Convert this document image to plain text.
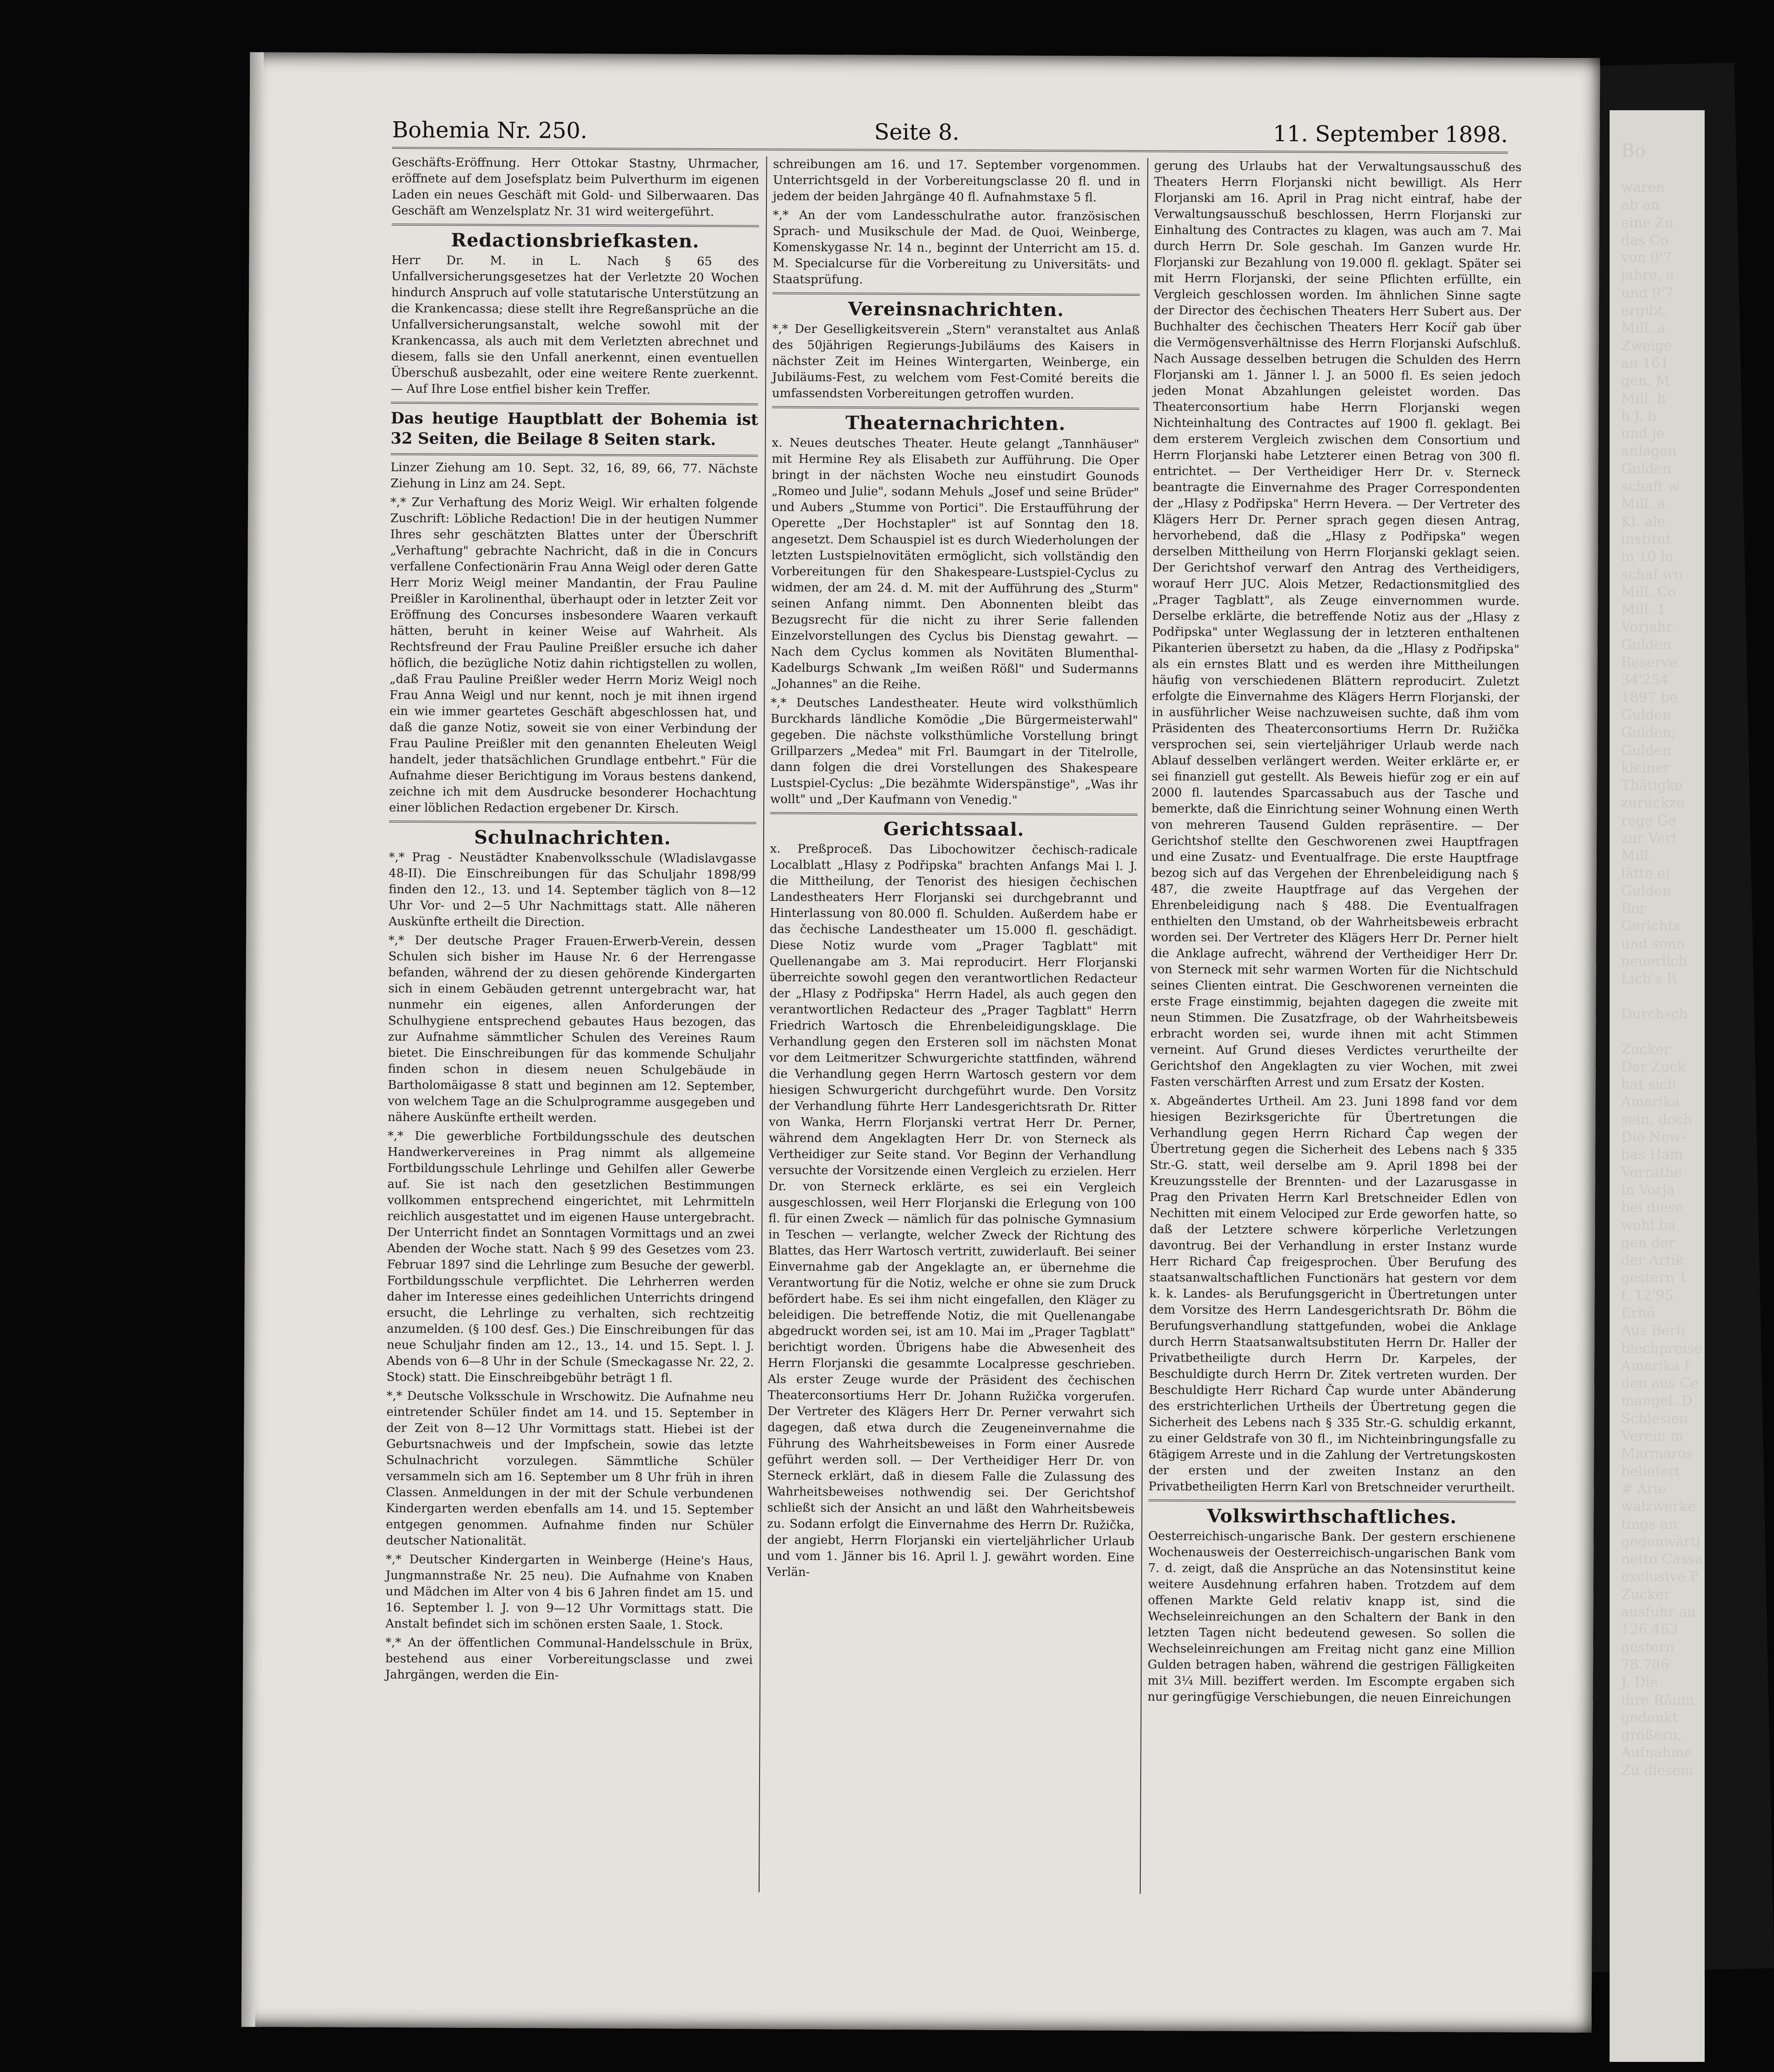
Bohemia Nr. 250.	Seite 8.	11. September 1898.

Geschäfts-Eröffnung. Herr Ottokar Stastny, Uhrmacher, eröffnete auf dem Josefsplatz beim Pulverthurm im eigenen Laden ein neues Geschäft mit Gold- und Silberwaaren. Das Geschäft am Wenzelsplatz Nr. 31 wird weitergeführt.

Redactionsbriefkasten.

Herr Dr. M. in L. Nach § 65 des Unfallversicherungsgesetzes hat der Verletzte 20 Wochen hindurch Anspruch auf volle statutarische Unterstützung an die Krankencassa; diese stellt ihre Regreßansprüche an die Unfallversicherungsanstalt, welche sowohl mit der Krankencassa, als auch mit dem Verletzten abrechnet und diesem, falls sie den Unfall anerkennt, einen eventuellen Überschuß ausbezahlt, oder eine weitere Rente zuerkennt. — Auf Ihre Lose entfiel bisher kein Treffer.

Das heutige Hauptblatt der Bohemia ist 32 Seiten, die Beilage 8 Seiten stark.

Linzer Ziehung am 10. Sept. 32, 16, 89, 66, 77. Nächste Ziehung in Linz am 24. Sept.

*,* Zur Verhaftung des Moriz Weigl. Wir erhalten folgende Zuschrift: Löbliche Redaction! Die in der heutigen Nummer Ihres sehr geschätzten Blattes unter der Überschrift „Verhaftung" gebrachte Nachricht, daß in die in Concurs verfallene Confectionärin Frau Anna Weigl oder deren Gatte Herr Moriz Weigl meiner Mandantin, der Frau Pauline Preißler in Karolinenthal, überhaupt oder in letzter Zeit vor Eröffnung des Concurses insbesondere Waaren verkauft hätten, beruht in keiner Weise auf Wahrheit. Als Rechtsfreund der Frau Pauline Preißler ersuche ich daher höflich, die bezügliche Notiz dahin richtigstellen zu wollen, „daß Frau Pauline Preißler weder Herrn Moriz Weigl noch Frau Anna Weigl und nur kennt, noch je mit ihnen irgend ein wie immer geartetes Geschäft abgeschlossen hat, und daß die ganze Notiz, soweit sie von einer Verbindung der Frau Pauline Preißler mit den genannten Eheleuten Weigl handelt, jeder thatsächlichen Grundlage entbehrt." Für die Aufnahme dieser Berichtigung im Voraus bestens dankend, zeichne ich mit dem Ausdrucke besonderer Hochachtung einer löblichen Redaction ergebener Dr. Kirsch.

Schulnachrichten.

*,* Prag - Neustädter Knabenvolksschule (Wladislavgasse 48-II). Die Einschreibungen für das Schuljahr 1898/99 finden den 12., 13. und 14. September täglich von 8—12 Uhr Vor- und 2—5 Uhr Nachmittags statt. Alle näheren Auskünfte ertheilt die Direction.

*,* Der deutsche Prager Frauen-Erwerb-Verein, dessen Schulen sich bisher im Hause Nr. 6 der Herrengasse befanden, während der zu diesen gehörende Kindergarten sich in einem Gebäuden getrennt untergebracht war, hat nunmehr ein eigenes, allen Anforderungen der Schulhygiene entsprechend gebautes Haus bezogen, das zur Aufnahme sämmtlicher Schulen des Vereines Raum bietet. Die Einschreibungen für das kommende Schuljahr finden schon in diesem neuen Schulgebäude in Bartholomäigasse 8 statt und beginnen am 12. September, von welchem Tage an die Schulprogramme ausgegeben und nähere Auskünfte ertheilt werden.

*,* Die gewerbliche Fortbildungsschule des deutschen Handwerkervereines in Prag nimmt als allgemeine Fortbildungsschule Lehrlinge und Gehilfen aller Gewerbe auf. Sie ist nach den gesetzlichen Bestimmungen vollkommen entsprechend eingerichtet, mit Lehrmitteln reichlich ausgestattet und im eigenen Hause untergebracht. Der Unterricht findet an Sonntagen Vormittags und an zwei Abenden der Woche statt. Nach § 99 des Gesetzes vom 23. Februar 1897 sind die Lehrlinge zum Besuche der gewerbl. Fortbildungsschule verpflichtet. Die Lehrherren werden daher im Interesse eines gedeihlichen Unterrichts dringend ersucht, die Lehrlinge zu verhalten, sich rechtzeitig anzumelden. (§ 100 desf. Ges.) Die Einschreibungen für das neue Schuljahr finden am 12., 13., 14. und 15. Sept. l. J. Abends von 6—8 Uhr in der Schule (Smeckagasse Nr. 22, 2. Stock) statt. Die Einschreibgebühr beträgt 1 fl.

*,* Deutsche Volksschule in Wrschowitz. Die Aufnahme neu eintretender Schüler findet am 14. und 15. September in der Zeit von 8—12 Uhr Vormittags statt. Hiebei ist der Geburtsnachweis und der Impfschein, sowie das letzte Schulnachricht vorzulegen. Sämmtliche Schüler versammeln sich am 16. September um 8 Uhr früh in ihren Classen. Anmeldungen in der mit der Schule verbundenen Kindergarten werden ebenfalls am 14. und 15. September entgegen genommen. Aufnahme finden nur Schüler deutscher Nationalität.

*,* Deutscher Kindergarten in Weinberge (Heine's Haus, Jungmannstraße Nr. 25 neu). Die Aufnahme von Knaben und Mädchen im Alter von 4 bis 6 Jahren findet am 15. und 16. September l. J. von 9—12 Uhr Vormittags statt. Die Anstalt befindet sich im schönen ersten Saale, 1. Stock.

*,* An der öffentlichen Communal-Handelsschule in Brüx, bestehend aus einer Vorbereitungsclasse und zwei Jahrgängen, werden die Ein-

schreibungen am 16. und 17. September vorgenommen. Unterrichtsgeld in der Vorbereitungsclasse 20 fl. und in jedem der beiden Jahrgänge 40 fl. Aufnahmstaxe 5 fl.

*,* An der vom Landesschulrathe autor. französischen Sprach- und Musikschule der Mad. de Quoi, Weinberge, Komenskygasse Nr. 14 n., beginnt der Unterricht am 15. d. M. Specialcurse für die Vorbereitung zu Universitäts- und Staatsprüfung.

Vereinsnachrichten.

*,* Der Geselligkeitsverein „Stern" veranstaltet aus Anlaß des 50jährigen Regierungs-Jubiläums des Kaisers in nächster Zeit im Heines Wintergarten, Weinberge, ein Jubiläums-Fest, zu welchem vom Fest-Comité bereits die umfassendsten Vorbereitungen getroffen wurden.

Theaternachrichten.

x. Neues deutsches Theater. Heute gelangt „Tannhäuser" mit Hermine Rey als Elisabeth zur Aufführung. Die Oper bringt in der nächsten Woche neu einstudirt Gounods „Romeo und Julie", sodann Mehuls „Josef und seine Brüder" und Aubers „Stumme von Portici". Die Erstaufführung der Operette „Der Hochstapler" ist auf Sonntag den 18. angesetzt. Dem Schauspiel ist es durch Wiederholungen der letzten Lustspielnovitäten ermöglicht, sich vollständig den Vorbereitungen für den Shakespeare-Lustspiel-Cyclus zu widmen, der am 24. d. M. mit der Aufführung des „Sturm" seinen Anfang nimmt. Den Abonnenten bleibt das Bezugsrecht für die nicht zu ihrer Serie fallenden Einzelvorstellungen des Cyclus bis Dienstag gewahrt. — Nach dem Cyclus kommen als Novitäten Blumenthal-Kadelburgs Schwank „Im weißen Rößl" und Sudermanns „Johannes" an die Reihe.

*,* Deutsches Landestheater. Heute wird volksthümlich Burckhards ländliche Komödie „Die Bürgermeisterwahl" gegeben. Die nächste volksthümliche Vorstellung bringt Grillparzers „Medea" mit Frl. Baumgart in der Titelrolle, dann folgen die drei Vorstellungen des Shakespeare Lustspiel-Cyclus: „Die bezähmte Widerspänstige", „Was ihr wollt" und „Der Kaufmann von Venedig."

Gerichtssaal.

x. Preßproceß. Das Libochowitzer čechisch-radicale Localblatt „Hlasy z Podřipska" brachten Anfangs Mai l. J. die Mittheilung, der Tenorist des hiesigen čechischen Landestheaters Herr Florjanski sei durchgebrannt und Hinterlassung von 80.000 fl. Schulden. Außerdem habe er das čechische Landestheater um 15.000 fl. geschädigt. Diese Notiz wurde vom „Prager Tagblatt" mit Quellenangabe am 3. Mai reproducirt. Herr Florjanski überreichte sowohl gegen den verantwortlichen Redacteur der „Hlasy z Podřipska" Herrn Hadel, als auch gegen den verantwortlichen Redacteur des „Prager Tagblatt" Herrn Friedrich Wartosch die Ehrenbeleidigungsklage. Die Verhandlung gegen den Ersteren soll im nächsten Monat vor dem Leitmeritzer Schwurgerichte stattfinden, während die Verhandlung gegen Herrn Wartosch gestern vor dem hiesigen Schwurgericht durchgeführt wurde. Den Vorsitz der Verhandlung führte Herr Landesgerichtsrath Dr. Ritter von Wanka, Herrn Florjanski vertrat Herr Dr. Perner, während dem Angeklagten Herr Dr. von Sterneck als Vertheidiger zur Seite stand. Vor Beginn der Verhandlung versuchte der Vorsitzende einen Vergleich zu erzielen. Herr Dr. von Sterneck erklärte, es sei ein Vergleich ausgeschlossen, weil Herr Florjanski die Erlegung von 100 fl. für einen Zweck — nämlich für das polnische Gymnasium in Teschen — verlangte, welcher Zweck der Richtung des Blattes, das Herr Wartosch vertritt, zuwiderlauft. Bei seiner Einvernahme gab der Angeklagte an, er übernehme die Verantwortung für die Notiz, welche er ohne sie zum Druck befördert habe. Es sei ihm nicht eingefallen, den Kläger zu beleidigen. Die betreffende Notiz, die mit Quellenangabe abgedruckt worden sei, ist am 10. Mai im „Prager Tagblatt" berichtigt worden. Übrigens habe die Abwesenheit des Herrn Florjanski die gesammte Localpresse geschrieben. Als erster Zeuge wurde der Präsident des čechischen Theaterconsortiums Herr Dr. Johann Ružička vorgerufen. Der Vertreter des Klägers Herr Dr. Perner verwahrt sich dagegen, daß etwa durch die Zeugeneinvernahme die Führung des Wahrheitsbeweises in Form einer Ausrede geführt werden soll. — Der Vertheidiger Herr Dr. von Sterneck erklärt, daß in diesem Falle die Zulassung des Wahrheitsbeweises nothwendig sei. Der Gerichtshof schließt sich der Ansicht an und läßt den Wahrheitsbeweis zu. Sodann erfolgt die Einvernahme des Herrn Dr. Ružička, der angiebt, Herrn Florjanski ein vierteljährlicher Urlaub und vom 1. Jänner bis 16. April l. J. gewährt worden. Eine Verlän-

gerung des Urlaubs hat der Verwaltungsausschuß des Theaters Herrn Florjanski nicht bewilligt. Als Herr Florjanski am 16. April in Prag nicht eintraf, habe der Verwaltungsausschuß beschlossen, Herrn Florjanski zur Einhaltung des Contractes zu klagen, was auch am 7. Mai durch Herrn Dr. Sole geschah. Im Ganzen wurde Hr. Florjanski zur Bezahlung von 19.000 fl. geklagt. Später sei mit Herrn Florjanski, der seine Pflichten erfüllte, ein Vergleich geschlossen worden. Im ähnlichen Sinne sagte der Director des čechischen Theaters Herr Subert aus. Der Buchhalter des čechischen Theaters Herr Kocíř gab über die Vermögensverhältnisse des Herrn Florjanski Aufschluß. Nach Aussage desselben betrugen die Schulden des Herrn Florjanski am 1. Jänner l. J. an 5000 fl. Es seien jedoch jeden Monat Abzahlungen geleistet worden. Das Theaterconsortium habe Herrn Florjanski wegen Nichteinhaltung des Contractes auf 1900 fl. geklagt. Bei dem ersterem Vergleich zwischen dem Consortium und Herrn Florjanski habe Letzterer einen Betrag von 300 fl. entrichtet. — Der Vertheidiger Herr Dr. v. Sterneck beantragte die Einvernahme des Prager Correspondenten der „Hlasy z Podřipska" Herrn Hevera. — Der Vertreter des Klägers Herr Dr. Perner sprach gegen diesen Antrag, hervorhebend, daß die „Hlasy z Podřipska" wegen derselben Mittheilung von Herrn Florjanski geklagt seien. Der Gerichtshof verwarf den Antrag des Vertheidigers, worauf Herr JUC. Alois Metzer, Redactionsmitglied des „Prager Tagblatt", als Zeuge einvernommen wurde. Derselbe erklärte, die betreffende Notiz aus der „Hlasy z Podřipska" unter Weglassung der in letzteren enthaltenen Pikanterien übersetzt zu haben, da die „Hlasy z Podřipska" als ein ernstes Blatt und es werden ihre Mittheilungen häufig von verschiedenen Blättern reproducirt. Zuletzt erfolgte die Einvernahme des Klägers Herrn Florjanski, der in ausführlicher Weise nachzuweisen suchte, daß ihm vom Präsidenten des Theaterconsortiums Herrn Dr. Ružička versprochen sei, sein vierteljähriger Urlaub werde nach Ablauf desselben verlängert werden. Weiter erklärte er, er sei finanziell gut gestellt. Als Beweis hiefür zog er ein auf 2000 fl. lautendes Sparcassabuch aus der Tasche und bemerkte, daß die Einrichtung seiner Wohnung einen Werth von mehreren Tausend Gulden repräsentire. — Der Gerichtshof stellte den Geschworenen zwei Hauptfragen und eine Zusatz- und Eventualfrage. Die erste Hauptfrage bezog sich auf das Vergehen der Ehrenbeleidigung nach § 487, die zweite Hauptfrage auf das Vergehen der Ehrenbeleidigung nach § 488. Die Eventualfragen enthielten den Umstand, ob der Wahrheitsbeweis erbracht worden sei. Der Vertreter des Klägers Herr Dr. Perner hielt die Anklage aufrecht, während der Vertheidiger Herr Dr. von Sterneck mit sehr warmen Worten für die Nichtschuld seines Clienten eintrat. Die Geschworenen verneinten die erste Frage einstimmig, bejahten dagegen die zweite mit neun Stimmen. Die Zusatzfrage, ob der Wahrheitsbeweis erbracht worden sei, wurde ihnen mit acht Stimmen verneint. Auf Grund dieses Verdictes verurtheilte der Gerichtshof den Angeklagten zu vier Wochen, mit zwei Fasten verschärften Arrest und zum Ersatz der Kosten.

x. Abgeändertes Urtheil. Am 23. Juni 1898 fand vor dem hiesigen Bezirksgerichte für Übertretungen die Verhandlung gegen Herrn Richard Čap wegen der Übertretung gegen die Sicherheit des Lebens nach § 335 Str.-G. statt, weil derselbe am 9. April 1898 bei der Kreuzungsstelle der Brennten- und der Lazarusgasse in Prag den Privaten Herrn Karl Bretschneider Edlen von Nechitten mit einem Velociped zur Erde geworfen hatte, so daß der Letztere schwere körperliche Verletzungen davontrug. Bei der Verhandlung in erster Instanz wurde Herr Richard Čap freigesprochen. Über Berufung des staatsanwaltschaftlichen Functionärs hat gestern vor dem k. k. Landes- als Berufungsgericht in Übertretungen unter dem Vorsitze des Herrn Landesgerichtsrath Dr. Böhm die Berufungsverhandlung stattgefunden, wobei die Anklage durch Herrn Staatsanwaltsubstituten Herrn Dr. Haller der Privatbetheiligte durch Herrn Dr. Karpeles, der Beschuldigte durch Herrn Dr. Zitek vertreten wurden. Der Beschuldigte Herr Richard Čap wurde unter Abänderung des erstrichterlichen Urtheils der Übertretung gegen die Sicherheit des Lebens nach § 335 Str.-G. schuldig erkannt, zu einer Geldstrafe von 30 fl., im Nichteinbringungsfalle zu 6tägigem Arreste und in die Zahlung der Vertretungskosten der ersten und der zweiten Instanz an den Privatbetheiligten Herrn Karl von Bretschneider verurtheilt.

Volkswirthschaftliches.

Oesterreichisch-ungarische Bank. Der gestern erschienene Wochenausweis der Oesterreichisch-ungarischen Bank vom 7. d. zeigt, daß die Ansprüche an das Notensinstitut keine weitere Ausdehnung erfahren haben. Trotzdem auf dem offenen Markte Geld relativ knapp ist, sind die Wechseleinreichungen an den Schaltern der Bank in den letzten Tagen nicht bedeutend gewesen. So sollen die Wechseleinreichungen am Freitag nicht ganz eine Million Gulden betragen haben, während die gestrigen Fälligkeiten mit 3¼ Mill. beziffert werden. Im Escompte ergaben sich nur geringfügige Verschiebungen, die neuen Einreichungen

Bo
waren
ab an
eine Zu
das Co
von 0'7
jahre, a
und 9'7
ergibt.
Mill. a
Zweige
an 161
gen. M
Mill. h
h J. b
und je
anlagen
Gulden
schaft w
Mill. a
Kl. ale
institut
in 10 lu
schaf wu
Mill. Co
Mill. 1
Vorjahr
Gulden
Reserve
34'254
1897 be
Gulden
Gulden;
Gulden
kleiner
Thätigke
zurückzu
rege Ge
zur Vert
Mill.
lätte ei
Gulden
Bor
Gerichts
und sonn
neuerlich
Lich's R
Durchsch
Zucker
Der Zuck
hat sich
Amerika
sein, doch
Die New-
bas Ham
Vorräthe
in Vorja
bei diese
wohl ba
gen der
der Artik
gestern 1
f. 12'95
Erhö
Aus Berli
blechpreise
Amerika f
den aus Ce
mangel. D
Schlesien
Verein m
Marmaros
beliefert
# Arie
walzwerke
tings an
gegenwärti
netto Cassa
exclusive F
Zucker
ausfuhr au
126.463
gestern
78.786
J. Die
ihre Räum
gedenkt
größern,
Aufnahme
Zu diesem
